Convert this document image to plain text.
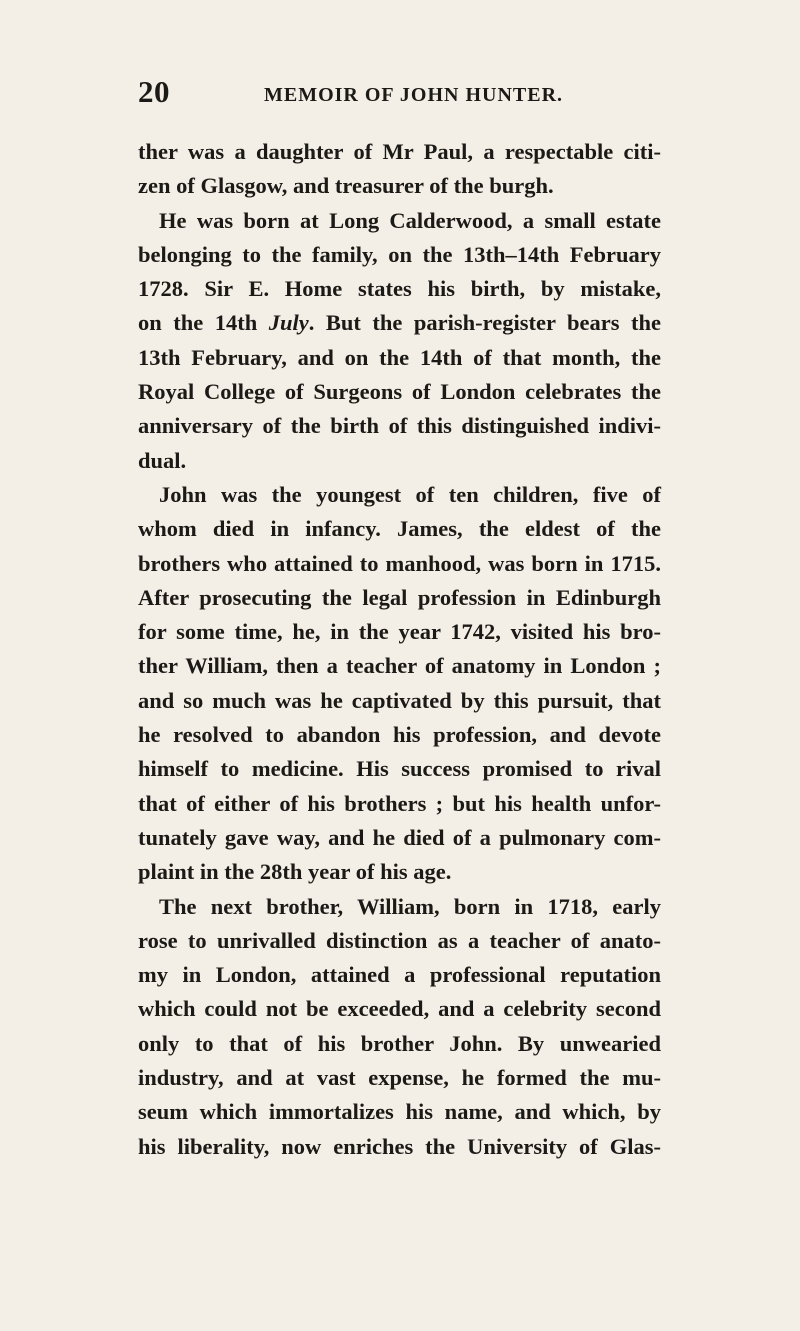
20	MEMOIR OF JOHN HUNTER.

ther was a daughter of Mr Paul, a respectable citi-

zen of Glasgow, and treasurer of the burgh.

He was born at Long Calderwood, a small estate

belonging to the family, on the 13th–14th February

1728. Sir E. Home states his birth, by mistake,

on the 14th July. But the parish-register bears the

13th February, and on the 14th of that month, the

Royal College of Surgeons of London celebrates the

anniversary of the birth of this distinguished indivi-

dual.

John was the youngest of ten children, five of

whom died in infancy. James, the eldest of the

brothers who attained to manhood, was born in 1715.

After prosecuting the legal profession in Edinburgh

for some time, he, in the year 1742, visited his bro-

ther William, then a teacher of anatomy in London ;

and so much was he captivated by this pursuit, that

he resolved to abandon his profession, and devote

himself to medicine. His success promised to rival

that of either of his brothers ; but his health unfor-

tunately gave way, and he died of a pulmonary com-

plaint in the 28th year of his age.

The next brother, William, born in 1718, early

rose to unrivalled distinction as a teacher of anato-

my in London, attained a professional reputation

which could not be exceeded, and a celebrity second

only to that of his brother John. By unwearied

industry, and at vast expense, he formed the mu-

seum which immortalizes his name, and which, by

his liberality, now enriches the University of Glas-
